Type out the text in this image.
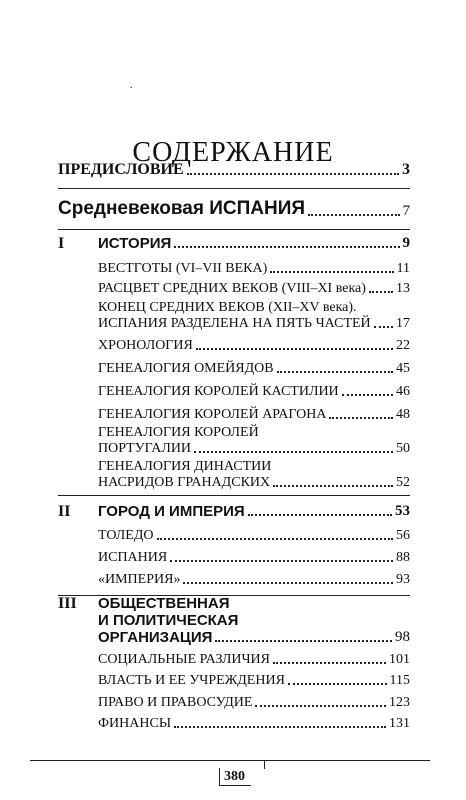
.
СОДЕРЖАНИЕ
ПРЕДИСЛОВИЕ	3
Средневековая ИСПАНИЯ	7
I ИСТОРИЯ	9
ВЕСТГОТЫ (VI–VII ВЕКА)	11
РАСЦВЕТ СРЕДНИХ ВЕКОВ (VIII–XI века) 13
КОНЕЦ СРЕДНИХ ВЕКОВ (XII–XV века).
ИСПАНИЯ РАЗДЕЛЕНА НА ПЯТЬ ЧАСТЕЙ 17
ХРОНОЛОГИЯ	22
ГЕНЕАЛОГИЯ ОМЕЙЯДОВ	45
ГЕНЕАЛОГИЯ КОРОЛЕЙ КАСТИЛИИ	46
ГЕНЕАЛОГИЯ КОРОЛЕЙ АРАГОНА	48
ГЕНЕАЛОГИЯ КОРОЛЕЙ
ПОРТУГАЛИИ	50
ГЕНЕАЛОГИЯ ДИНАСТИИ
НАСРИДОВ ГРАНАДСКИХ	52
II ГОРОД И ИМПЕРИЯ	53
ТОЛЕДО	56
ИСПАНИЯ	88
«ИМПЕРИЯ»	93
III ОБЩЕСТВЕННАЯ
И ПОЛИТИЧЕСКАЯ
ОРГАНИЗАЦИЯ	98
СОЦИАЛЬНЫЕ РАЗЛИЧИЯ	101
ВЛАСТЬ И ЕЕ УЧРЕЖДЕНИЯ	115
ПРАВО И ПРАВОСУДИЕ	123
ФИНАНСЫ	131
380
